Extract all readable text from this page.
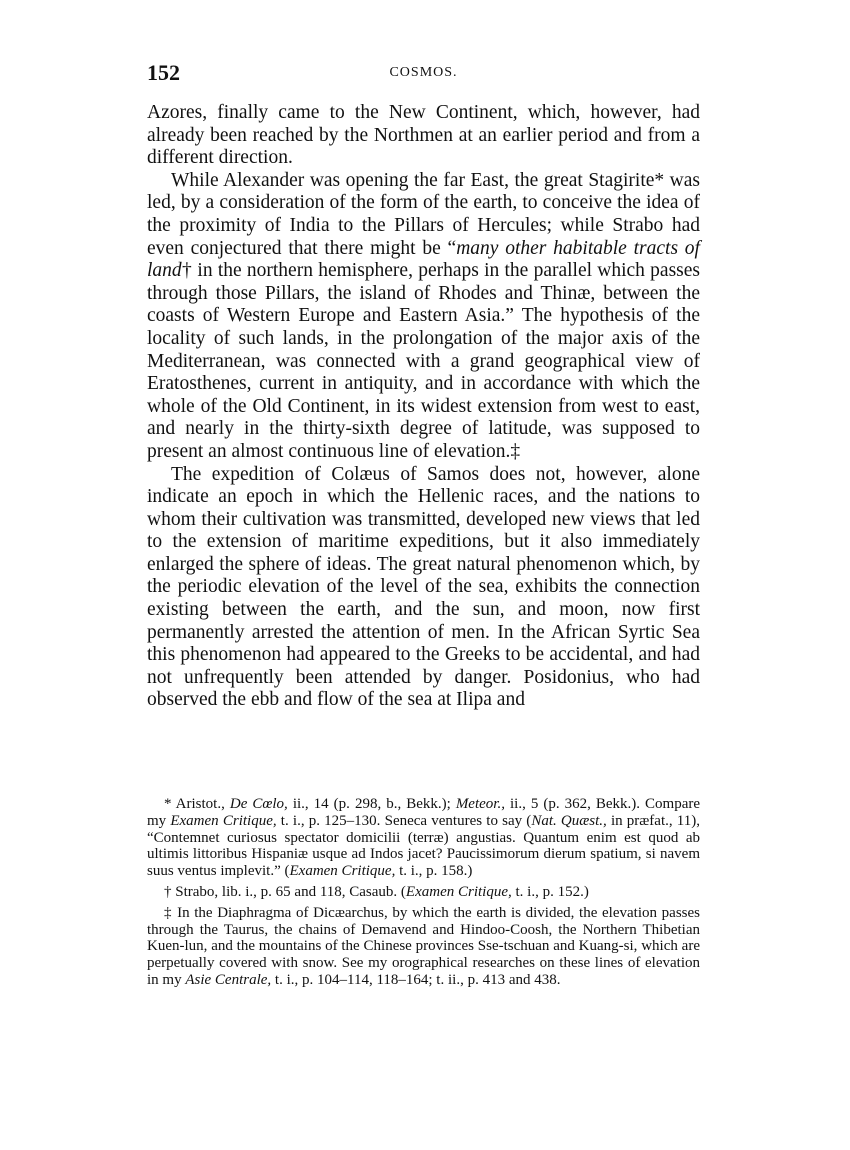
152	COSMOS.

Azores, finally came to the New Continent, which, however, had already been reached by the Northmen at an earlier period and from a different direction.

While Alexander was opening the far East, the great Stagirite* was led, by a consideration of the form of the earth, to conceive the idea of the proximity of India to the Pillars of Hercules; while Strabo had even conjectured that there might be “many other habitable tracts of land† in the northern hemisphere, perhaps in the parallel which passes through those Pillars, the island of Rhodes and Thinæ, between the coasts of Western Europe and Eastern Asia.” The hypothesis of the locality of such lands, in the prolongation of the major axis of the Mediterranean, was connected with a grand geographical view of Eratosthenes, current in antiquity, and in accordance with which the whole of the Old Continent, in its widest extension from west to east, and nearly in the thirty-sixth degree of latitude, was supposed to present an almost continuous line of elevation.‡

The expedition of Colæus of Samos does not, however, alone indicate an epoch in which the Hellenic races, and the nations to whom their cultivation was transmitted, developed new views that led to the extension of maritime expeditions, but it also immediately enlarged the sphere of ideas. The great natural phenomenon which, by the periodic elevation of the level of the sea, exhibits the connection existing between the earth, and the sun, and moon, now first permanently arrested the attention of men. In the African Syrtic Sea this phenomenon had appeared to the Greeks to be accidental, and had not unfrequently been attended by danger. Posidonius, who had observed the ebb and flow of the sea at Ilipa and

* Aristot., De Cœlo, ii., 14 (p. 298, b., Bekk.); Meteor., ii., 5 (p. 362, Bekk.). Compare my Examen Critique, t. i., p. 125–130. Seneca ventures to say (Nat. Quæst., in præfat., 11), “Contemnet curiosus spectator domicilii (terræ) angustias. Quantum enim est quod ab ultimis littoribus Hispaniæ usque ad Indos jacet? Paucissimorum dierum spatium, si navem suus ventus implevit.” (Examen Critique, t. i., p. 158.)

† Strabo, lib. i., p. 65 and 118, Casaub. (Examen Critique, t. i., p. 152.)

‡ In the Diaphragma of Dicæarchus, by which the earth is divided, the elevation passes through the Taurus, the chains of Demavend and Hindoo-Coosh, the Northern Thibetian Kuen-lun, and the mountains of the Chinese provinces Sse-tschuan and Kuang-si, which are perpetually covered with snow. See my orographical researches on these lines of elevation in my Asie Centrale, t. i., p. 104–114, 118–164; t. ii., p. 413 and 438.
